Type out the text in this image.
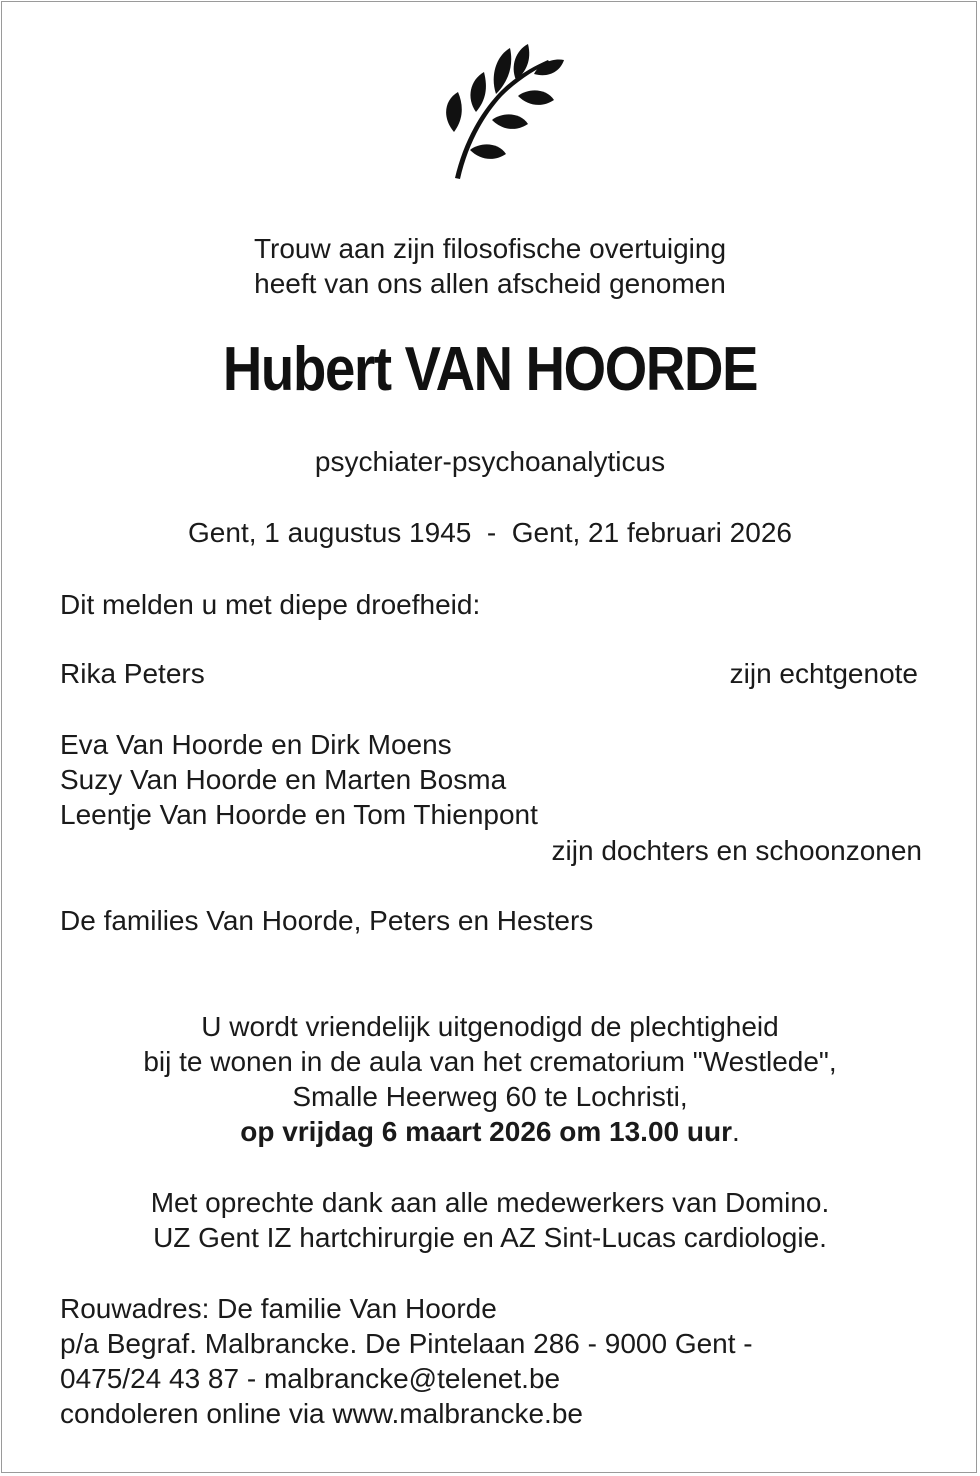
Trouw aan zijn filosofische overtuiging
heeft van ons allen afscheid genomen
Hubert VAN HOORDE
psychiater-psychoanalyticus
Gent, 1 augustus 1945  -  Gent, 21 februari 2026
Dit melden u met diepe droefheid:
Rika Peters	zijn echtgenote
Eva Van Hoorde en Dirk Moens
Suzy Van Hoorde en Marten Bosma
Leentje Van Hoorde en Tom Thienpont
zijn dochters en schoonzonen
De families Van Hoorde, Peters en Hesters
U wordt vriendelijk uitgenodigd de plechtigheid
bij te wonen in de aula van het crematorium "Westlede",
Smalle Heerweg 60 te Lochristi,
op vrijdag 6 maart 2026 om 13.00 uur.
Met oprechte dank aan alle medewerkers van Domino.
UZ Gent IZ hartchirurgie en AZ Sint-Lucas cardiologie.
Rouwadres: De familie Van Hoorde
p/a Begraf. Malbrancke. De Pintelaan 286 - 9000 Gent -
0475/24 43 87 - malbrancke@telenet.be
condoleren online via www.malbrancke.be
